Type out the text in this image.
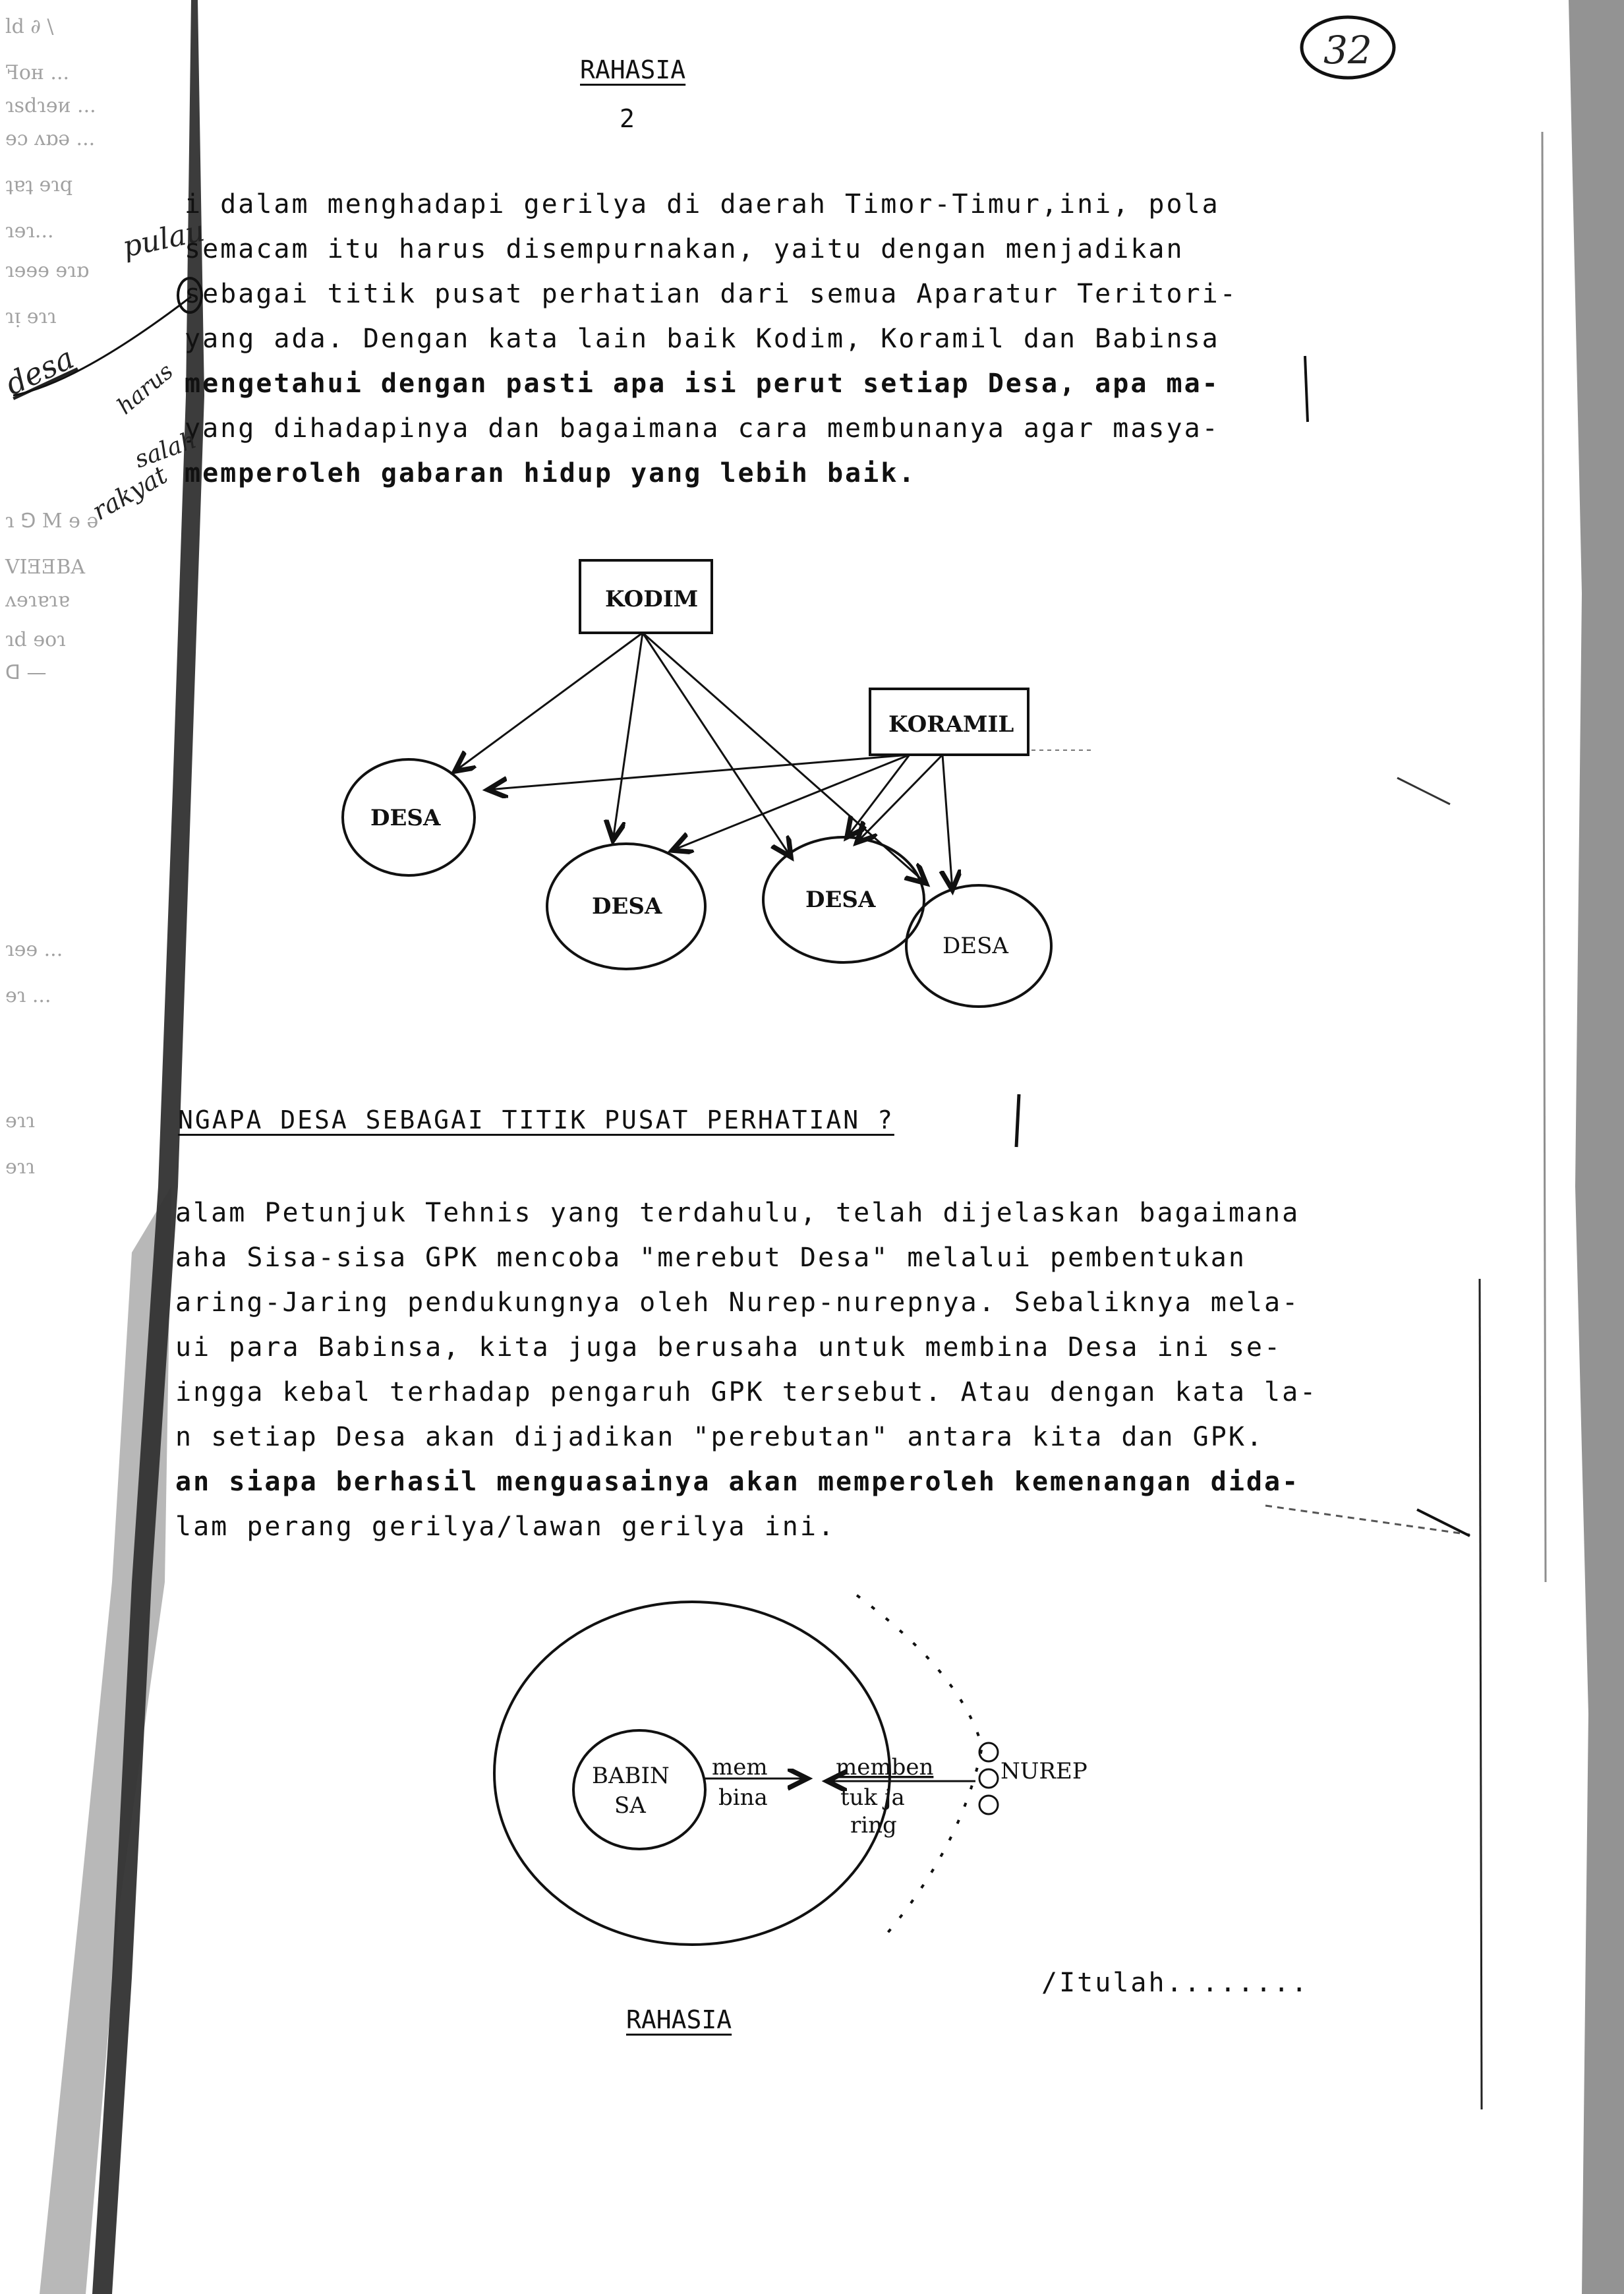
ld ∂ \
ꟻoʜ ...
ɿsdɿɘᴎ ...
ɘɔ ʌɒǝ ...
ʇɐʇ ɘɿq
ɿɘɿ...
ɿɘɘɘ ɘɿɒ
ɿᴉ ɘɿɿ
ɿ ⅁ M ɘ ǝ
VIƎƎBA
ʌɘɿɐɿɐ
ɿd ɘoɿ
ᗡ —
ɿɘɘ ...
ɘɿ ...
ɘɿɿ
ɘɿɿ
RAHASIA
2
32
i dalam menghadapi gerilya di daerah Timor-Timur,ini, pola
semacam itu harus disempurnakan, yaitu dengan menjadikan
sebagai titik pusat perhatian dari semua Aparatur Teritori-
yang ada. Dengan kata lain baik Kodim, Koramil dan Babinsa
mengetahui dengan pasti apa isi perut setiap Desa, apa ma-
yang dihadapinya dan bagaimana cara membunanya agar masya-
memperoleh gabaran hidup yang lebih baik.
pulau
desa harus
salah
rakyat
KODIM
KORAMIL
DESA
DESA	DESA
DESA
NGAPA DESA SEBAGAI TITIK PUSAT PERHATIAN ?
alam Petunjuk Tehnis yang terdahulu, telah dijelaskan bagaimana
aha Sisa-sisa GPK mencoba "merebut Desa" melalui pembentukan
aring-Jaring pendukungnya oleh Nurep-nurepnya. Sebaliknya mela-
ui para Babinsa, kita juga berusaha untuk membina Desa ini se-
ingga kebal terhadap pengaruh GPK tersebut. Atau dengan kata la-
n setiap Desa akan dijadikan "perebutan" antara kita dan GPK.
an siapa berhasil menguasainya akan memperoleh kemenangan dida-
lam perang gerilya/lawan gerilya ini.
BABIN
SA
mem
bina
memben
tuk ja
ring
NUREP
/Itulah........
RAHASIA
